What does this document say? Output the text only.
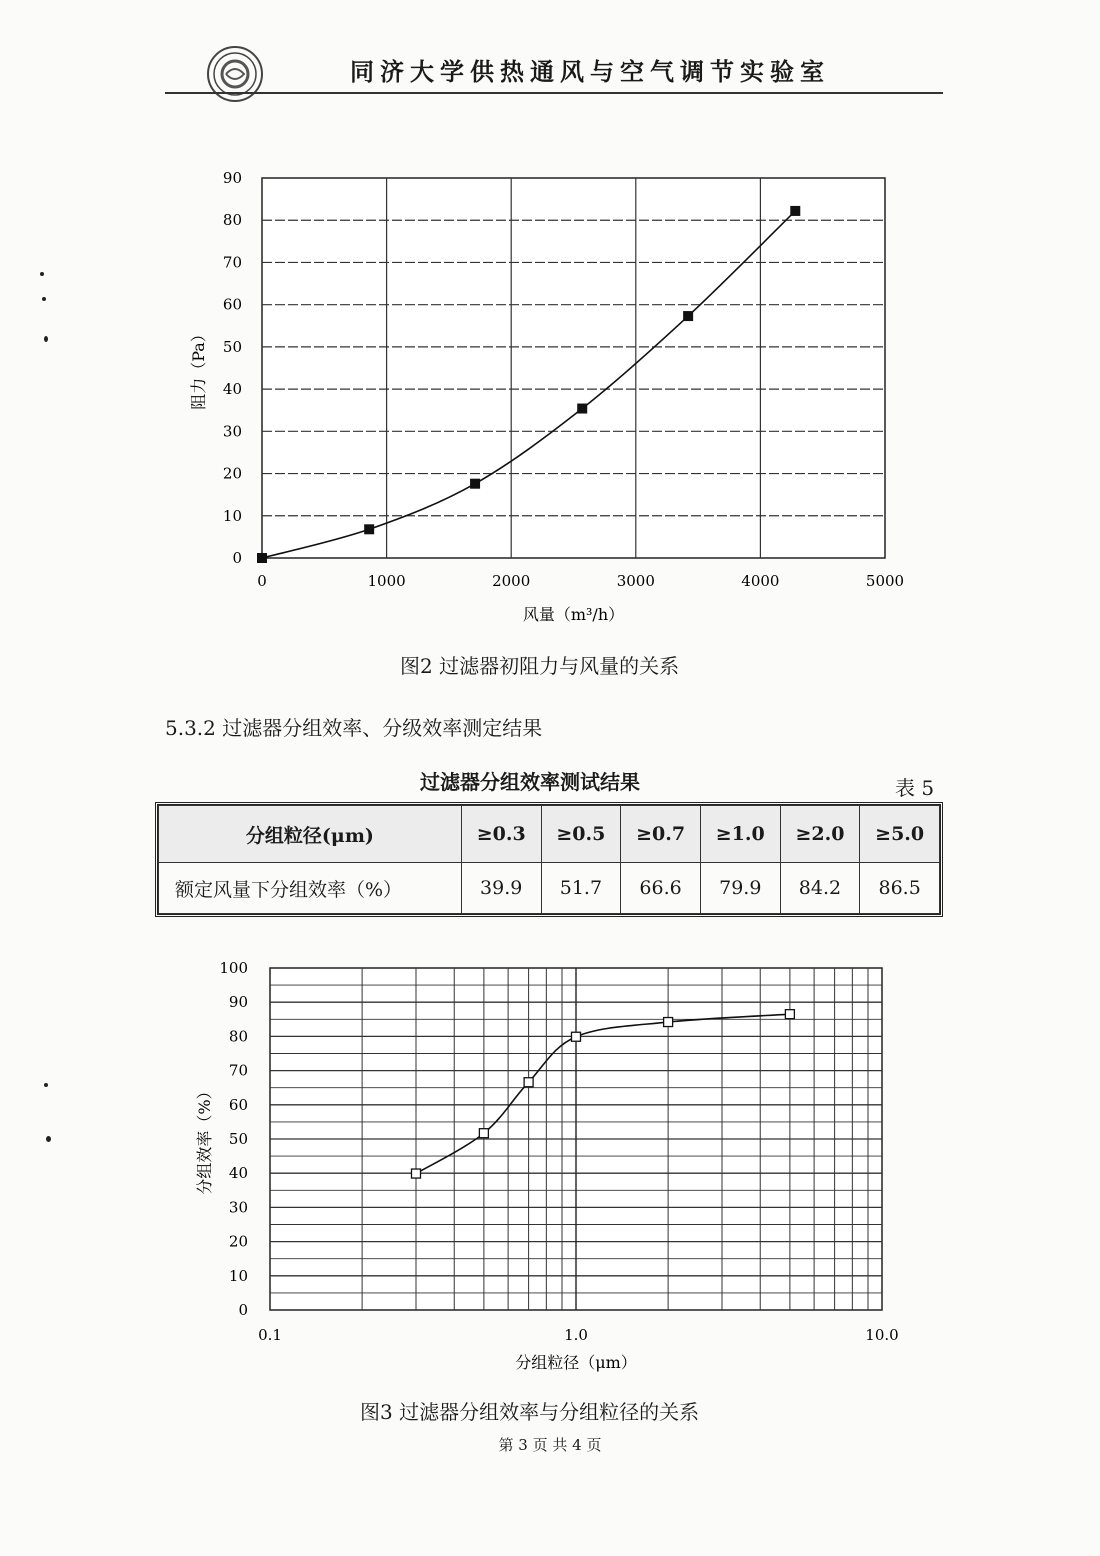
同济大学供热通风与空气调节实验室
0
10
20
30
40
50
60
70
80
90
0	1000	2000	3000	4000	5000
风量（m³/h）
阻力（Pa）
图2 过滤器初阻力与风量的关系
5.3.2 过滤器分组效率、分级效率测定结果
过滤器分组效率测试结果	表 5
分组粒径(μm)	≥0.3	≥0.5	≥0.7	≥1.0	≥2.0	≥5.0
额定风量下分组效率（%）	39.9	51.7	66.6	79.9	84.2	86.5
0
10
20
30
40
50
60
70
80
90
100
0.1	1.0	10.0
分组粒径（μm）
分组效率（%）
图3 过滤器分组效率与分组粒径的关系
第 3 页 共 4 页
